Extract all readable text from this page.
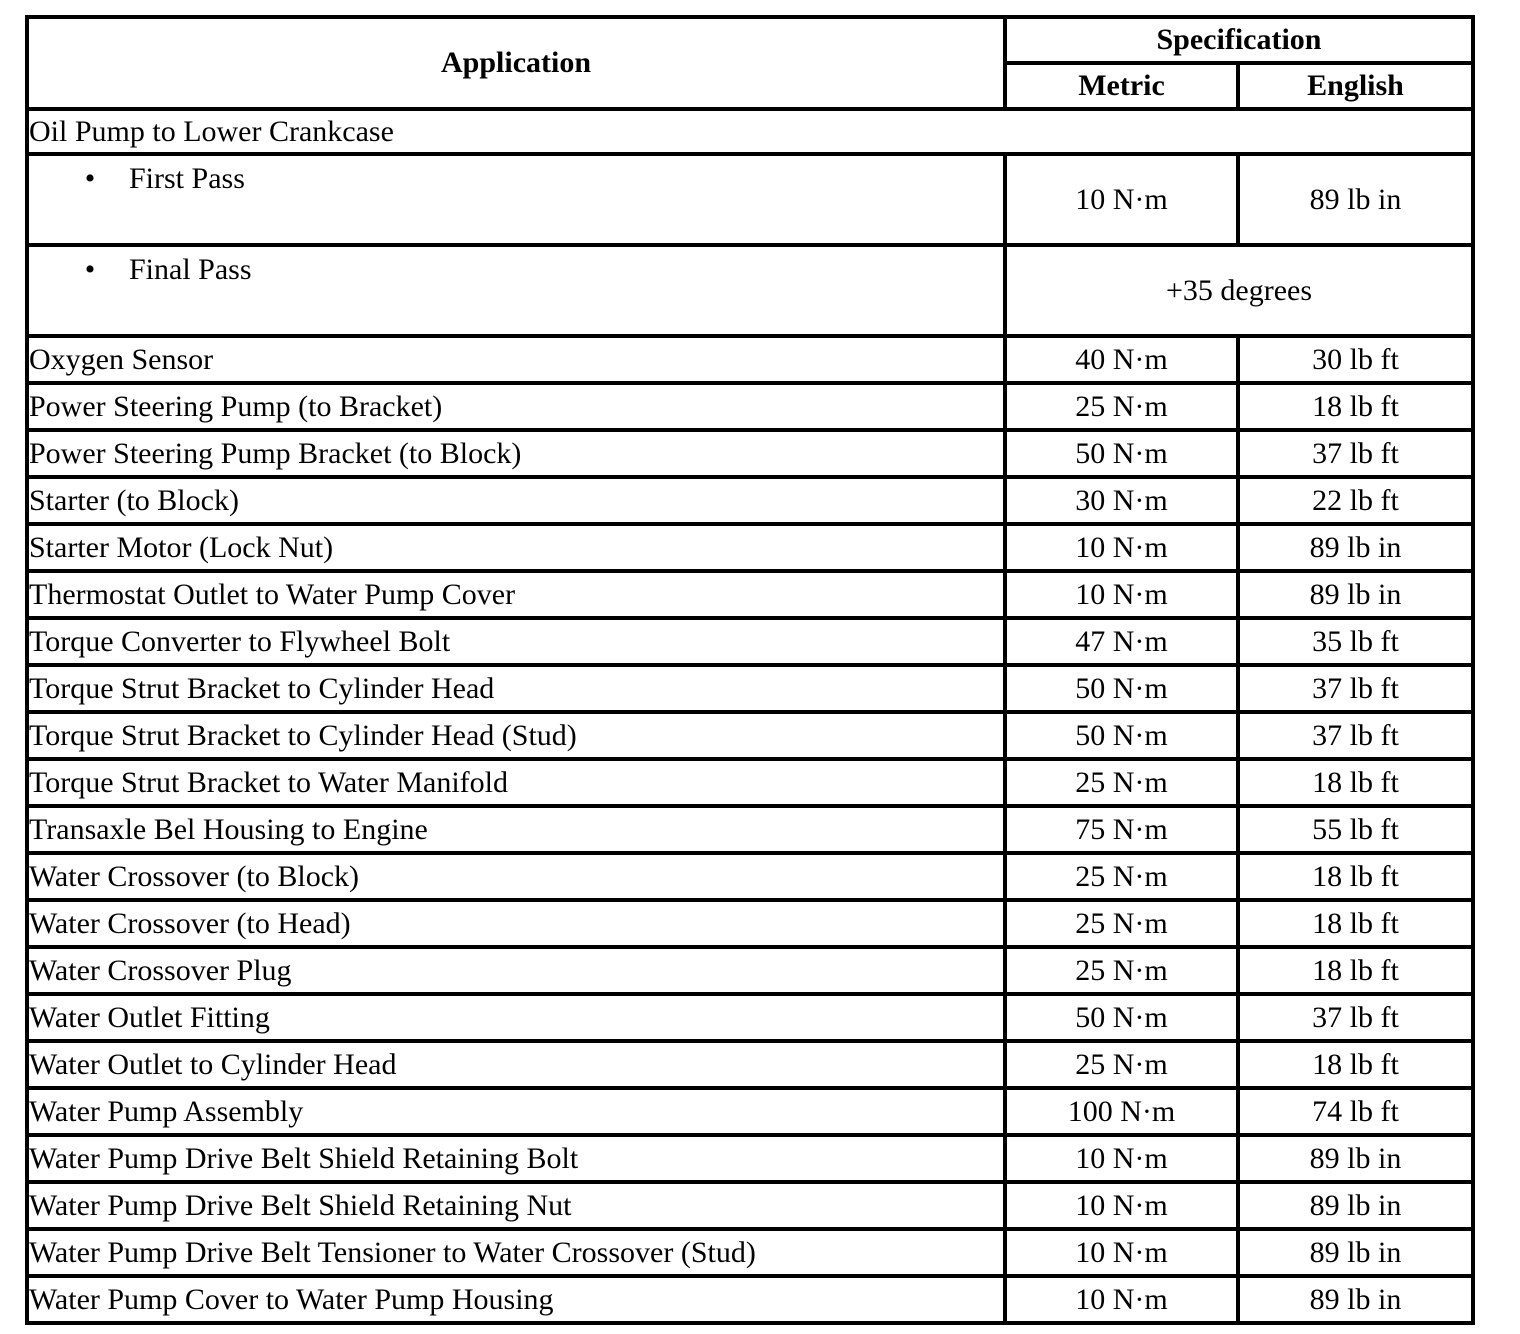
Application	Specification	
	Metric	English
Oil Pump to Lower Crankcase		
• First Pass	10 N·m	89 lb in
• Final Pass	+35 degrees	
Oxygen Sensor	40 N·m	30 lb ft
Power Steering Pump (to Bracket)	25 N·m	18 lb ft
Power Steering Pump Bracket (to Block)	50 N·m	37 lb ft
Starter (to Block)	30 N·m	22 lb ft
Starter Motor (Lock Nut)	10 N·m	89 lb in
Thermostat Outlet to Water Pump Cover	10 N·m	89 lb in
Torque Converter to Flywheel Bolt	47 N·m	35 lb ft
Torque Strut Bracket to Cylinder Head	50 N·m	37 lb ft
Torque Strut Bracket to Cylinder Head (Stud)	50 N·m	37 lb ft
Torque Strut Bracket to Water Manifold	25 N·m	18 lb ft
Transaxle Bel Housing to Engine	75 N·m	55 lb ft
Water Crossover (to Block)	25 N·m	18 lb ft
Water Crossover (to Head)	25 N·m	18 lb ft
Water Crossover Plug	25 N·m	18 lb ft
Water Outlet Fitting	50 N·m	37 lb ft
Water Outlet to Cylinder Head	25 N·m	18 lb ft
Water Pump Assembly	100 N·m	74 lb ft
Water Pump Drive Belt Shield Retaining Bolt	10 N·m	89 lb in
Water Pump Drive Belt Shield Retaining Nut	10 N·m	89 lb in
Water Pump Drive Belt Tensioner to Water Crossover (Stud)	10 N·m	89 lb in
Water Pump Cover to Water Pump Housing	10 N·m	89 lb in
